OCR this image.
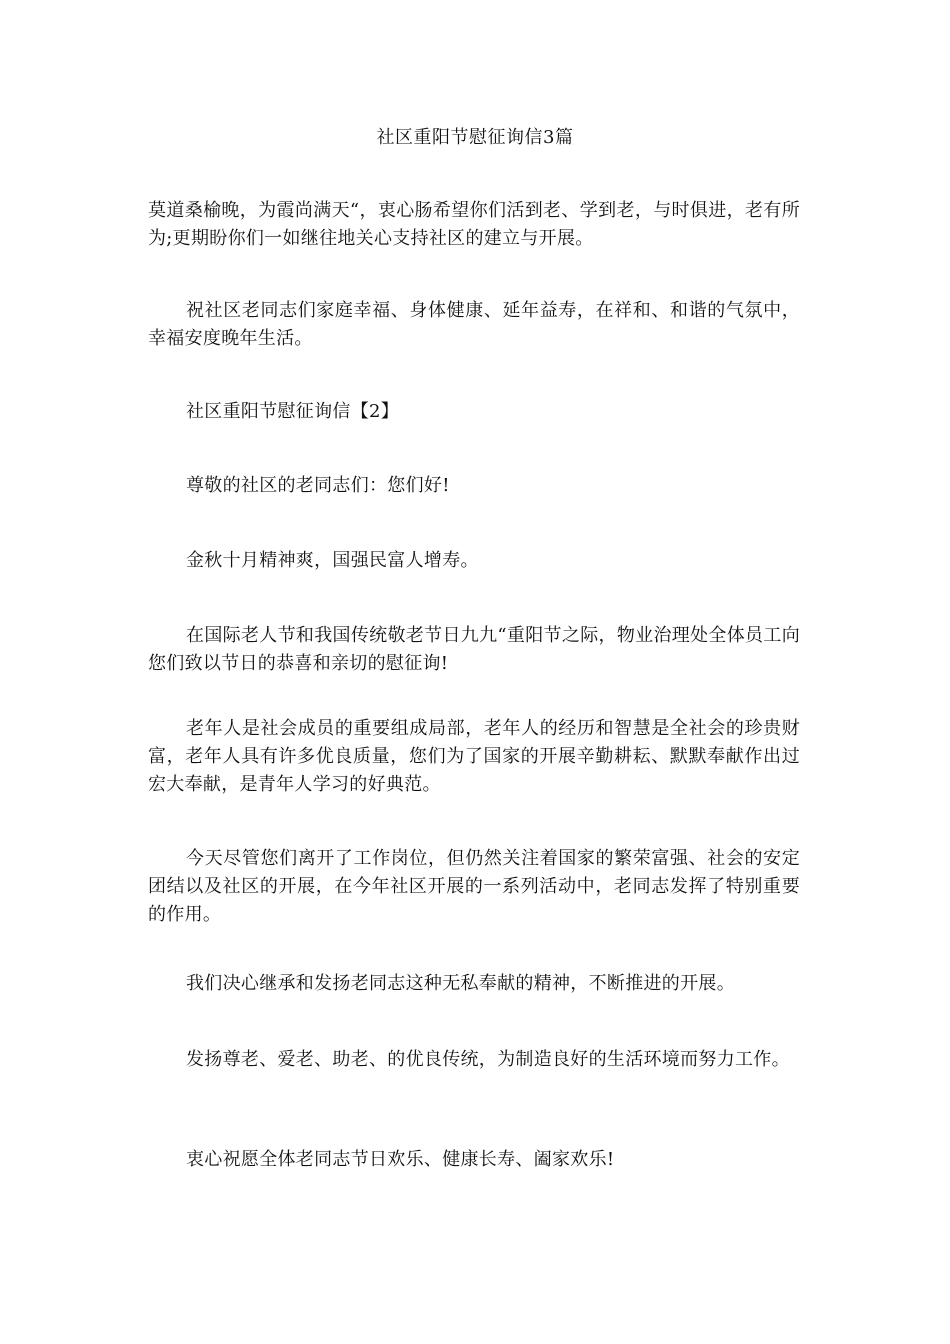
社区重阳节慰征询信3篇

莫道桑榆晚，为霞尚满天“，衷心肠希望你们活到老、学到老，与时俱进，老有所为;更期盼你们一如继往地关心支持社区的建立与开展。

祝社区老同志们家庭幸福、身体健康、延年益寿，在祥和、和谐的气氛中，幸福安度晚年生活。

社区重阳节慰征询信【2】

尊敬的社区的老同志们：您们好!

金秋十月精神爽，国强民富人增寿。

在国际老人节和我国传统敬老节日九九“重阳节之际，物业治理处全体员工向您们致以节日的恭喜和亲切的慰征询!

老年人是社会成员的重要组成局部，老年人的经历和智慧是全社会的珍贵财富，老年人具有许多优良质量，您们为了国家的开展辛勤耕耘、默默奉献作出过宏大奉献，是青年人学习的好典范。

今天尽管您们离开了工作岗位，但仍然关注着国家的繁荣富强、社会的安定团结以及社区的开展，在今年社区开展的一系列活动中，老同志发挥了特别重要的作用。

我们决心继承和发扬老同志这种无私奉献的精神，不断推进的开展。

发扬尊老、爱老、助老、的优良传统，为制造良好的生活环境而努力工作。

衷心祝愿全体老同志节日欢乐、健康长寿、阖家欢乐!
